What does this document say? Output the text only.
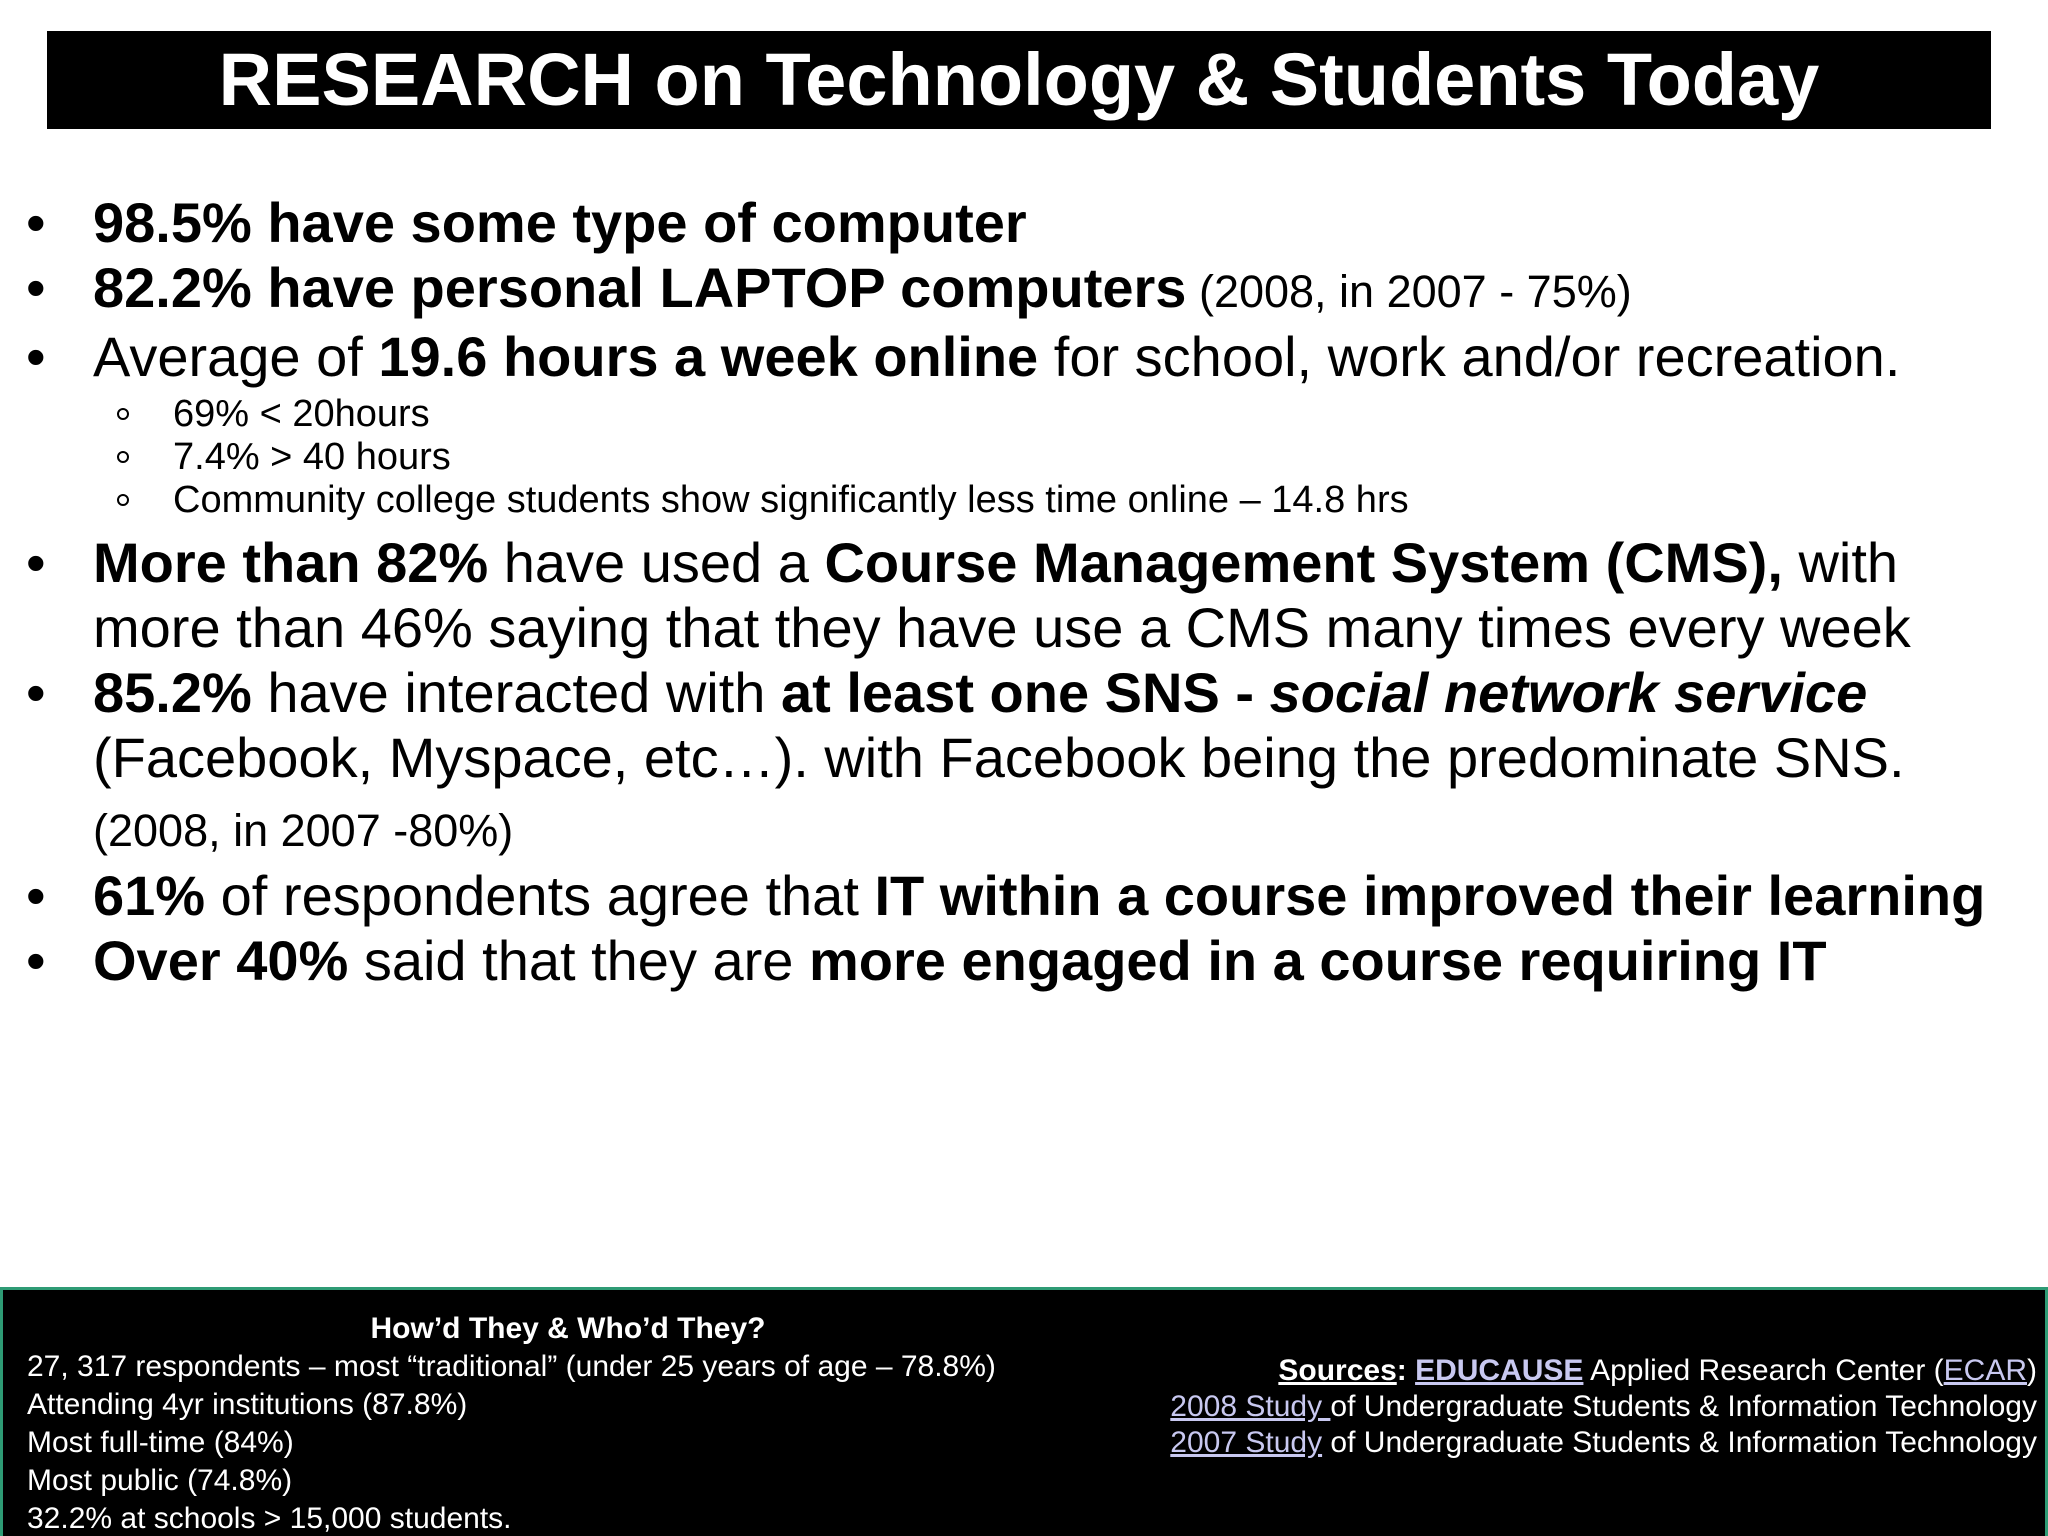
RESEARCH on Technology & Students Today
• 98.5% have some type of computer
• 82.2% have personal LAPTOP computers (2008, in 2007 - 75%)
• Average of 19.6 hours a week online for school, work and/or recreation.
69% < 20hours
7.4% > 40 hours
Community college students show significantly less time online – 14.8 hrs
• More than 82% have used a Course Management System (CMS), with more than 46% saying that they have use a CMS many times every week
• 85.2% have interacted with at least one SNS - social network service (Facebook, Myspace, etc…). with Facebook being the predominate SNS. (2008, in 2007 -80%)
• 61% of respondents agree that IT within a course improved their learning
• Over 40% said that they are more engaged in a course requiring IT
How’d They & Who’d They?
27, 317 respondents – most “traditional” (under 25 years of age – 78.8%)
Attending 4yr institutions (87.8%)
Most full-time (84%)
Most public (74.8%)
32.2% at schools > 15,000 students.
Sources: EDUCAUSE Applied Research Center (ECAR)
2008 Study of Undergraduate Students & Information Technology
2007 Study of Undergraduate Students & Information Technology
